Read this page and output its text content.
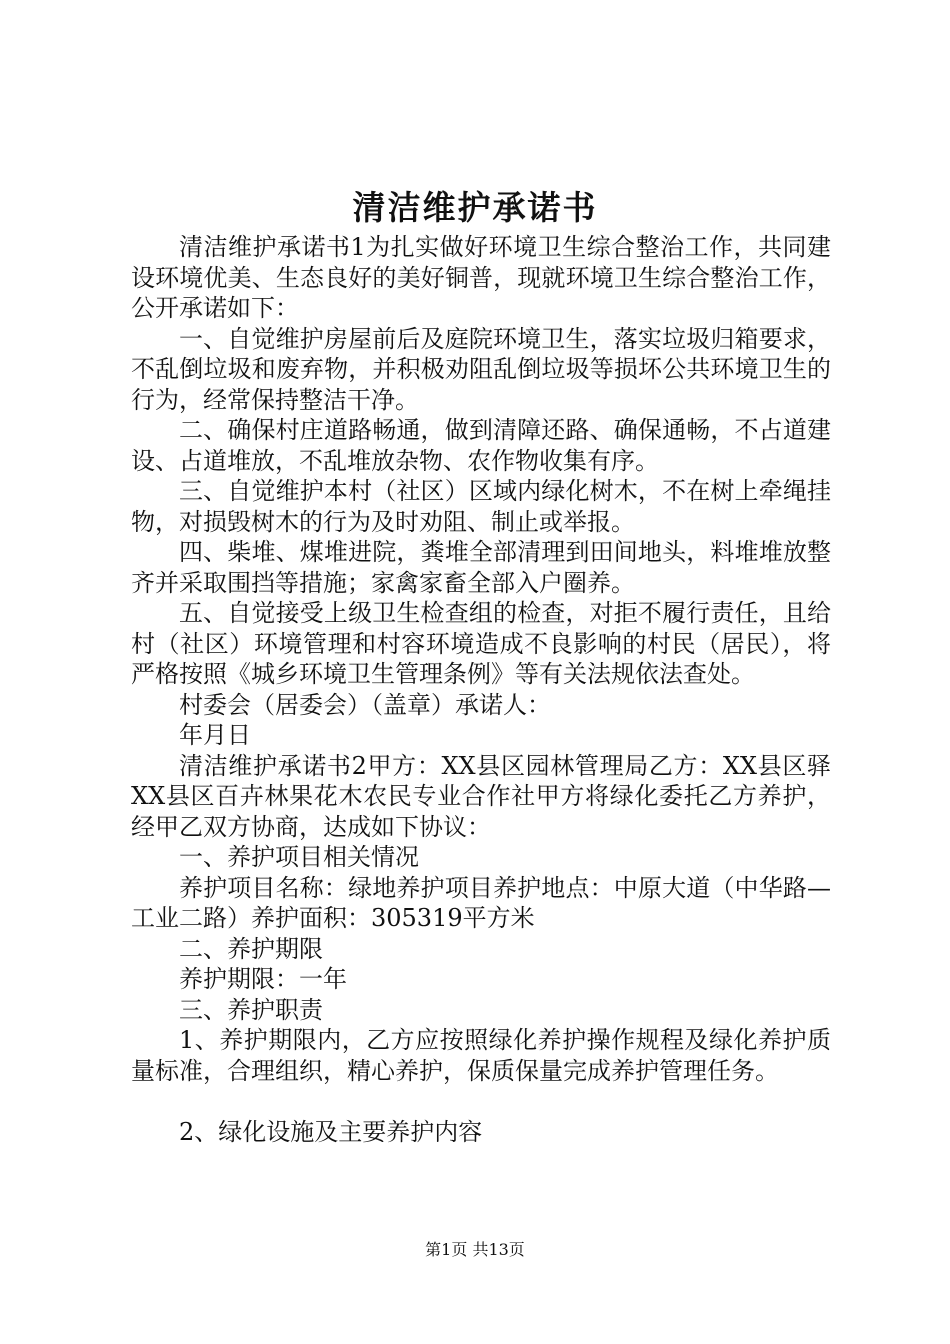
清洁维护承诺书

清洁维护承诺书1为扎实做好环境卫生综合整治工作，共同建设环境优美、生态良好的美好铜普，现就环境卫生综合整治工作，公开承诺如下：

一、自觉维护房屋前后及庭院环境卫生，落实垃圾归箱要求，不乱倒垃圾和废弃物，并积极劝阻乱倒垃圾等损坏公共环境卫生的行为，经常保持整洁干净。

二、确保村庄道路畅通，做到清障还路、确保通畅，不占道建设、占道堆放，不乱堆放杂物、农作物收集有序。

三、自觉维护本村（社区）区域内绿化树木，不在树上牵绳挂物，对损毁树木的行为及时劝阻、制止或举报。

四、柴堆、煤堆进院，粪堆全部清理到田间地头，料堆堆放整齐并采取围挡等措施；家禽家畜全部入户圈养。

五、自觉接受上级卫生检查组的检查，对拒不履行责任，且给村（社区）环境管理和村容环境造成不良影响的村民（居民），将严格按照《城乡环境卫生管理条例》等有关法规依法查处。

村委会（居委会）（盖章）承诺人：

年月日

清洁维护承诺书2甲方：XX县区园林管理局乙方：XX县区驿XX县区百卉林果花木农民专业合作社甲方将绿化委托乙方养护，经甲乙双方协商，达成如下协议：

一、养护项目相关情况

养护项目名称：绿地养护项目养护地点：中原大道（中华路—工业二路）养护面积：305319平方米

二、养护期限

养护期限：一年

三、养护职责

1、养护期限内，乙方应按照绿化养护操作规程及绿化养护质量标准，合理组织，精心养护，保质保量完成养护管理任务。

2、绿化设施及主要养护内容

第1页 共13页
